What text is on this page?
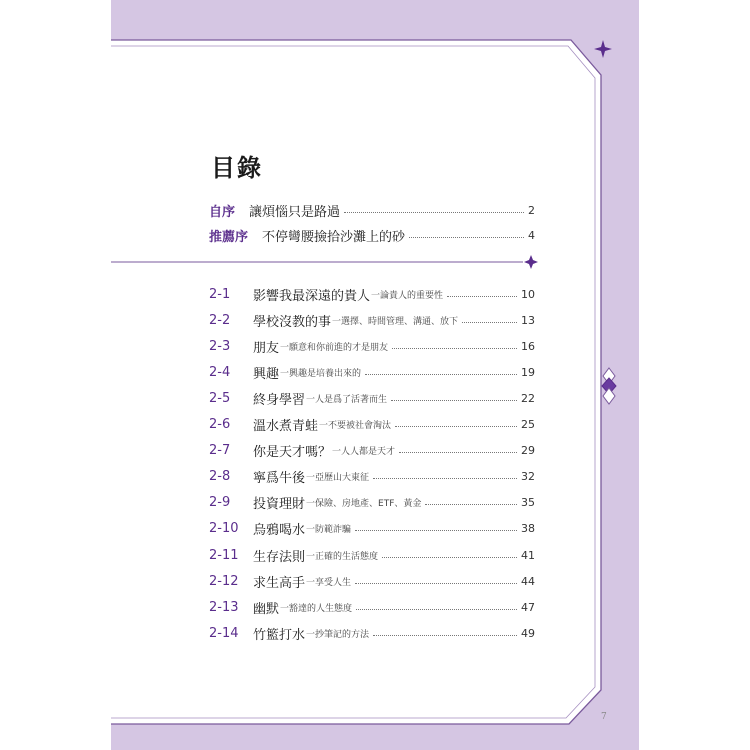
目錄
自序 讓煩惱只是路過	2
推薦序 不停彎腰撿拾沙灘上的砂	4
2-1	影響我最深遠的貴人 一論貴人的重要性	10
2-2	學校沒教的事 一選擇、時間管理、溝通、放下	13
2-3	朋友 一願意和你前進的才是朋友	16
2-4	興趣 一興趣是培養出來的	19
2-5	終身學習 一人是爲了活著而生	22
2-6	溫水煮青蛙 一不要被社會淘汰	25
2-7	你是天才嗎？ 一人人都是天才	29
2-8	寧爲牛後 一亞歷山大東征	32
2-9	投資理財 一保險、房地產、ETF、黃金	35
2-10	烏鴉喝水 一防範詐騙	38
2-11	生存法則 一正確的生活態度	41
2-12	求生高手 一享受人生	44
2-13	幽默 一豁達的人生態度	47
2-14	竹籃打水 一抄筆記的方法	49
7
